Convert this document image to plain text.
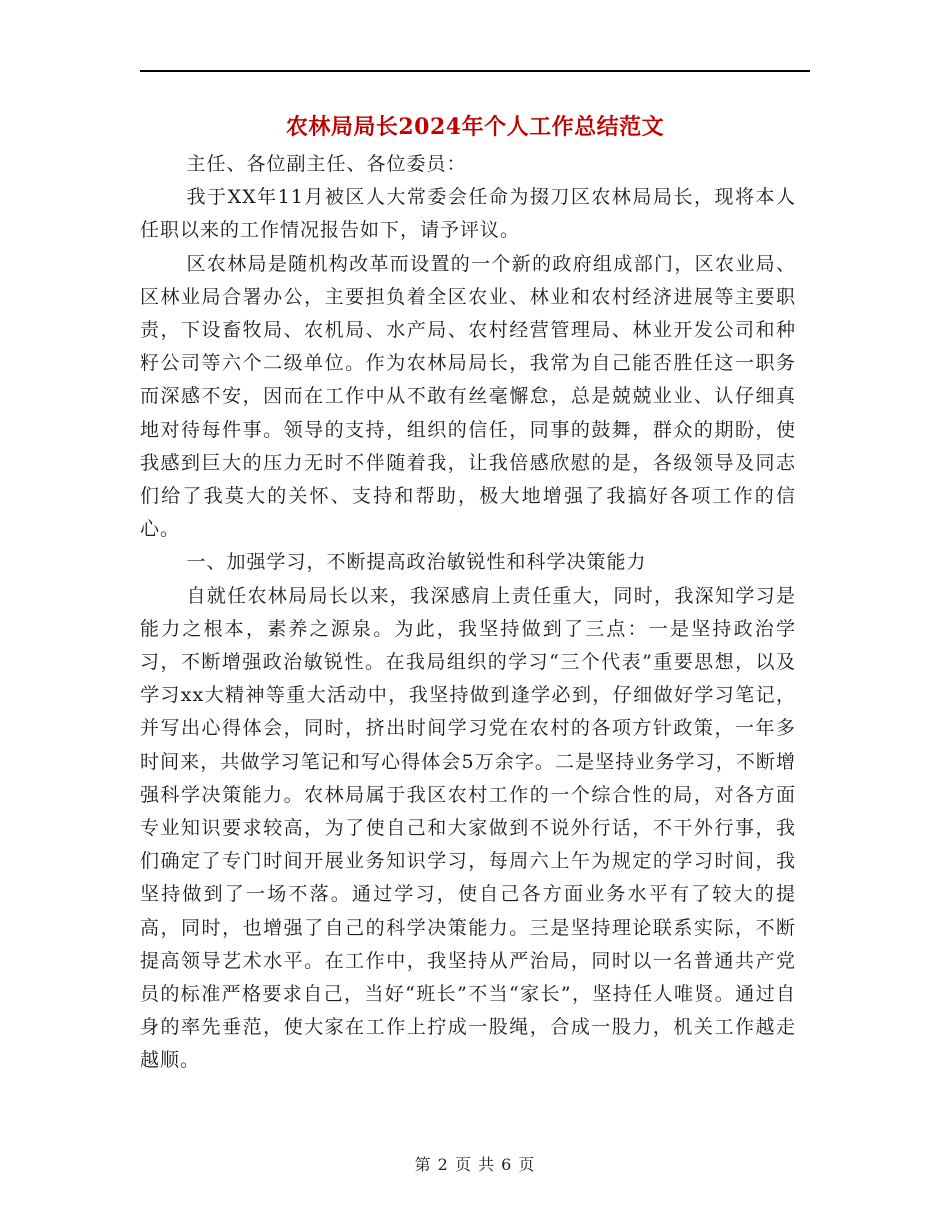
农林局局长2024年个人工作总结范文

主任、各位副主任、各位委员：

我于XX年11月被区人大常委会任命为掇刀区农林局局长，现将本人任职以来的工作情况报告如下，请予评议。

区农林局是随机构改革而设置的一个新的政府组成部门，区农业局、区林业局合署办公，主要担负着全区农业、林业和农村经济进展等主要职责，下设畜牧局、农机局、水产局、农村经营管理局、林业开发公司和种籽公司等六个二级单位。作为农林局局长，我常为自己能否胜任这一职务而深感不安，因而在工作中从不敢有丝毫懈怠，总是兢兢业业、认仔细真地对待每件事。领导的支持，组织的信任，同事的鼓舞，群众的期盼，使我感到巨大的压力无时不伴随着我，让我倍感欣慰的是，各级领导及同志们给了我莫大的关怀、支持和帮助，极大地增强了我搞好各项工作的信心。

一、加强学习，不断提高政治敏锐性和科学决策能力

自就任农林局局长以来，我深感肩上责任重大，同时，我深知学习是能力之根本，素养之源泉。为此，我坚持做到了三点：一是坚持政治学习，不断增强政治敏锐性。在我局组织的学习“三个代表”重要思想，以及学习xx大精神等重大活动中，我坚持做到逢学必到，仔细做好学习笔记，并写出心得体会，同时，挤出时间学习党在农村的各项方针政策，一年多时间来，共做学习笔记和写心得体会5万余字。二是坚持业务学习，不断增强科学决策能力。农林局属于我区农村工作的一个综合性的局，对各方面专业知识要求较高，为了使自己和大家做到不说外行话，不干外行事，我们确定了专门时间开展业务知识学习，每周六上午为规定的学习时间，我坚持做到了一场不落。通过学习，使自己各方面业务水平有了较大的提高，同时，也增强了自己的科学决策能力。三是坚持理论联系实际，不断提高领导艺术水平。在工作中，我坚持从严治局，同时以一名普通共产党员的标准严格要求自己，当好“班长”不当“家长”，坚持任人唯贤。通过自身的率先垂范，使大家在工作上拧成一股绳，合成一股力，机关工作越走越顺。

第 2 页 共 6 页
